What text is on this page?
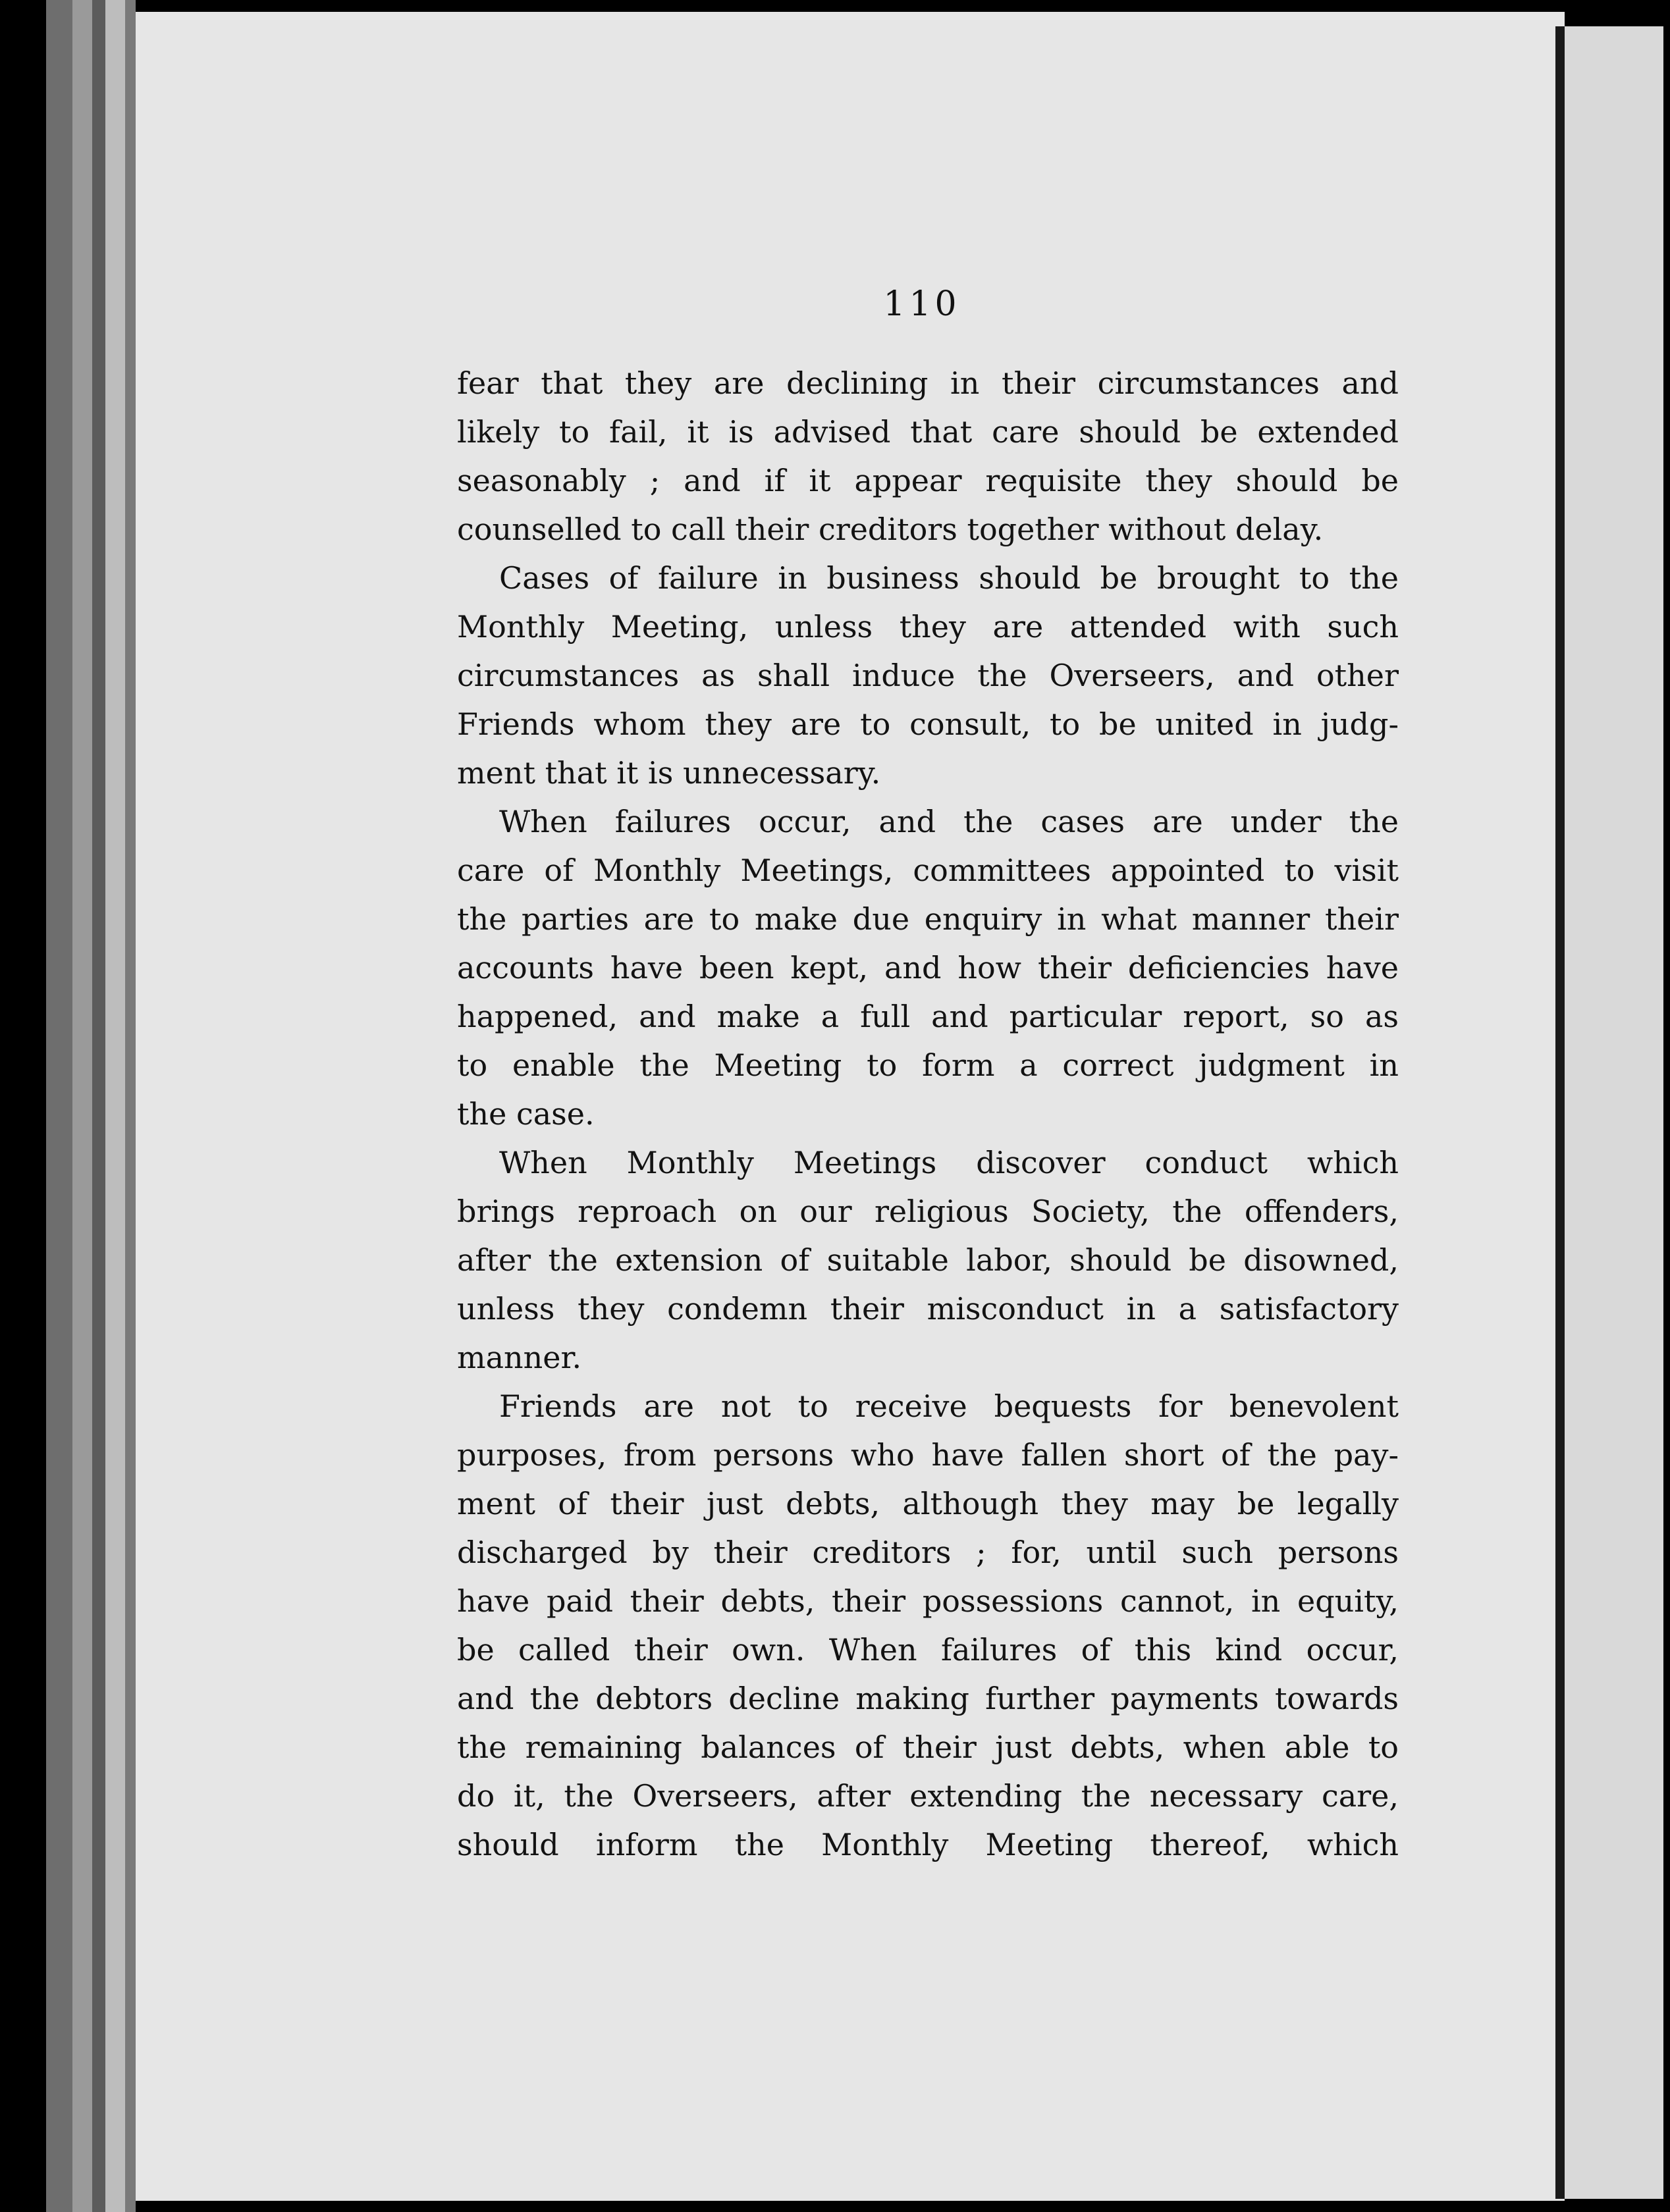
110
fear that they are declining in their circumstances and
likely to fail, it is advised that care should be extended
seasonably ; and if it appear requisite they should be
counselled to call their creditors together without delay.
Cases of failure in business should be brought to the
Monthly Meeting, unless they are attended with such
circumstances as shall induce the Overseers, and other
Friends whom they are to consult, to be united in judg-
ment that it is unnecessary.
When failures occur, and the cases are under the
care of Monthly Meetings, committees appointed to visit
the parties are to make due enquiry in what manner their
accounts have been kept, and how their deficiencies have
happened, and make a full and particular report, so as
to enable the Meeting to form a correct judgment in
the case.
When Monthly Meetings discover conduct which
brings reproach on our religious Society, the offenders,
after the extension of suitable labor, should be disowned,
unless they condemn their misconduct in a satisfactory
manner.
Friends are not to receive bequests for benevolent
purposes, from persons who have fallen short of the pay-
ment of their just debts, although they may be legally
discharged by their creditors ; for, until such persons
have paid their debts, their possessions cannot, in equity,
be called their own. When failures of this kind occur,
and the debtors decline making further payments towards
the remaining balances of their just debts, when able to
do it, the Overseers, after extending the necessary care,
should inform the Monthly Meeting thereof, which
